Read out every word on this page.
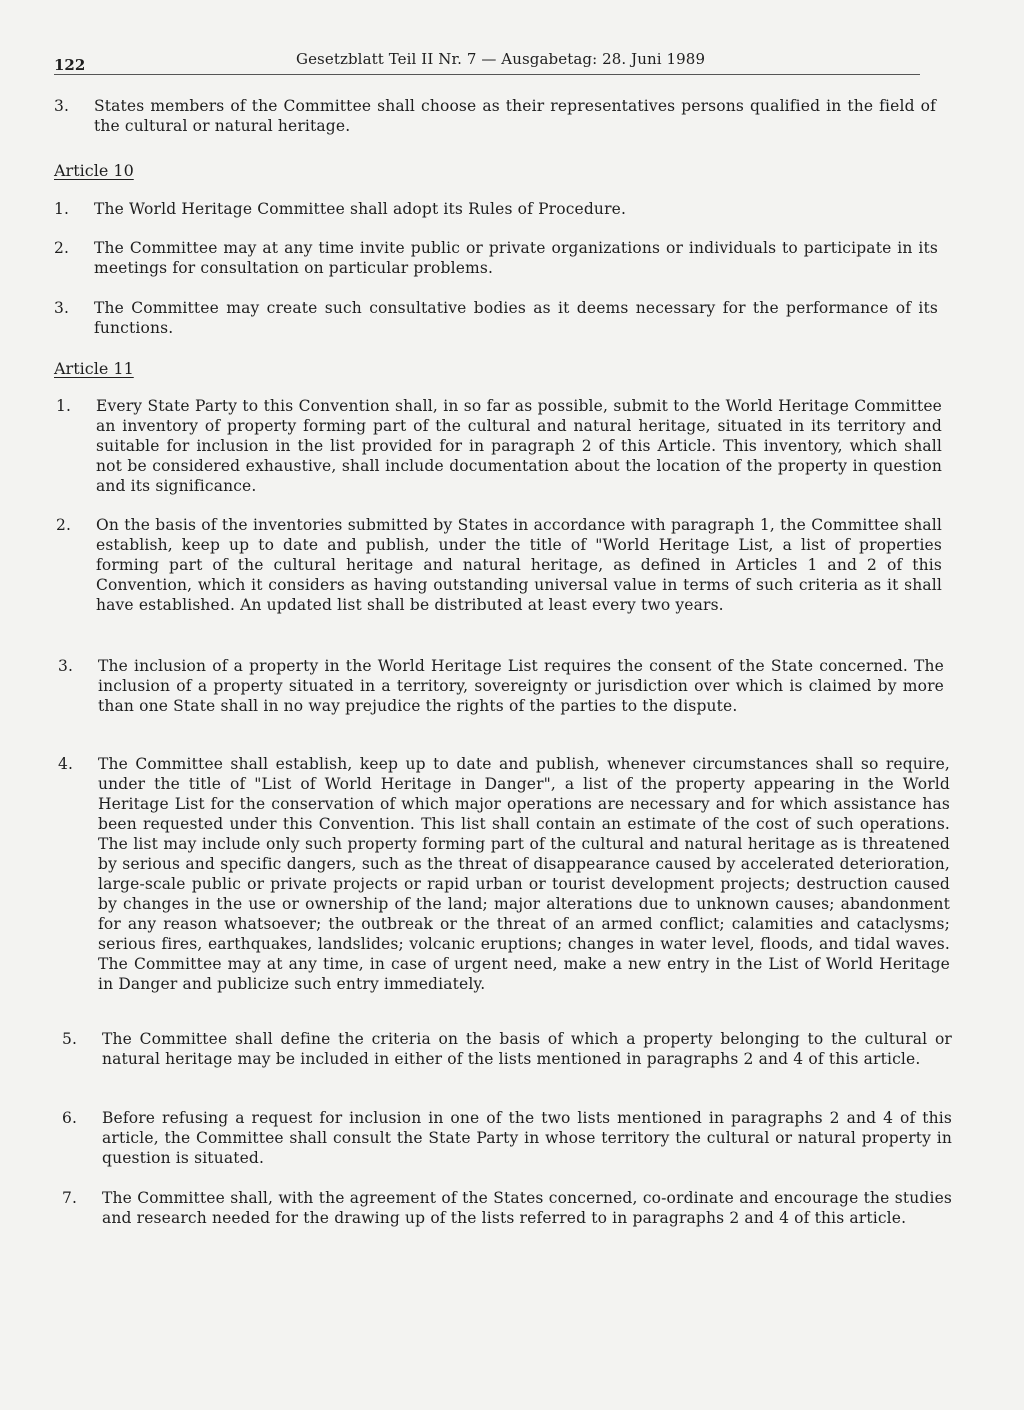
122	Gesetzblatt Teil II Nr. 7 — Ausgabetag: 28. Juni 1989

3. States members of the Committee shall choose as their representatives persons qualified in the field of the cultural or natural heritage.

Article 10

1. The World Heritage Committee shall adopt its Rules of Procedure.

2. The Committee may at any time invite public or private organizations or individuals to participate in its meetings for consultation on particular problems.

3. The Committee may create such consultative bodies as it deems necessary for the performance of its functions.

Article 11

1. Every State Party to this Convention shall, in so far as possible, submit to the World Heritage Committee an inventory of property forming part of the cultural and natural heritage, situated in its territory and suitable for inclusion in the list provided for in paragraph 2 of this Article. This inventory, which shall not be considered exhaustive, shall include documentation about the location of the property in question and its significance.

2. On the basis of the inventories submitted by States in accordance with paragraph 1, the Committee shall establish, keep up to date and publish, under the title of "World Heritage List, a list of properties forming part of the cultural heritage and natural heritage, as defined in Articles 1 and 2 of this Convention, which it considers as having outstanding universal value in terms of such criteria as it shall have established. An updated list shall be distributed at least every two years.

3. The inclusion of a property in the World Heritage List requires the consent of the State concerned. The inclusion of a property situated in a territory, sovereignty or jurisdiction over which is claimed by more than one State shall in no way prejudice the rights of the parties to the dispute.

4. The Committee shall establish, keep up to date and publish, whenever circumstances shall so require, under the title of "List of World Heritage in Danger", a list of the property appearing in the World Heritage List for the conservation of which major operations are necessary and for which assistance has been requested under this Convention. This list shall contain an estimate of the cost of such operations. The list may include only such property forming part of the cultural and natural heritage as is threatened by serious and specific dangers, such as the threat of disappearance caused by accelerated deterioration, large-scale public or private projects or rapid urban or tourist development projects; destruction caused by changes in the use or ownership of the land; major alterations due to unknown causes; abandonment for any reason whatsoever; the outbreak or the threat of an armed conflict; calamities and cataclysms; serious fires, earthquakes, landslides; volcanic eruptions; changes in water level, floods, and tidal waves. The Committee may at any time, in case of urgent need, make a new entry in the List of World Heritage in Danger and publicize such entry immediately.

5. The Committee shall define the criteria on the basis of which a property belonging to the cultural or natural heritage may be included in either of the lists mentioned in paragraphs 2 and 4 of this article.

6. Before refusing a request for inclusion in one of the two lists mentioned in paragraphs 2 and 4 of this article, the Committee shall consult the State Party in whose territory the cultural or natural property in question is situated.

7. The Committee shall, with the agreement of the States concerned, co-ordinate and encourage the studies and research needed for the drawing up of the lists referred to in paragraphs 2 and 4 of this article.
